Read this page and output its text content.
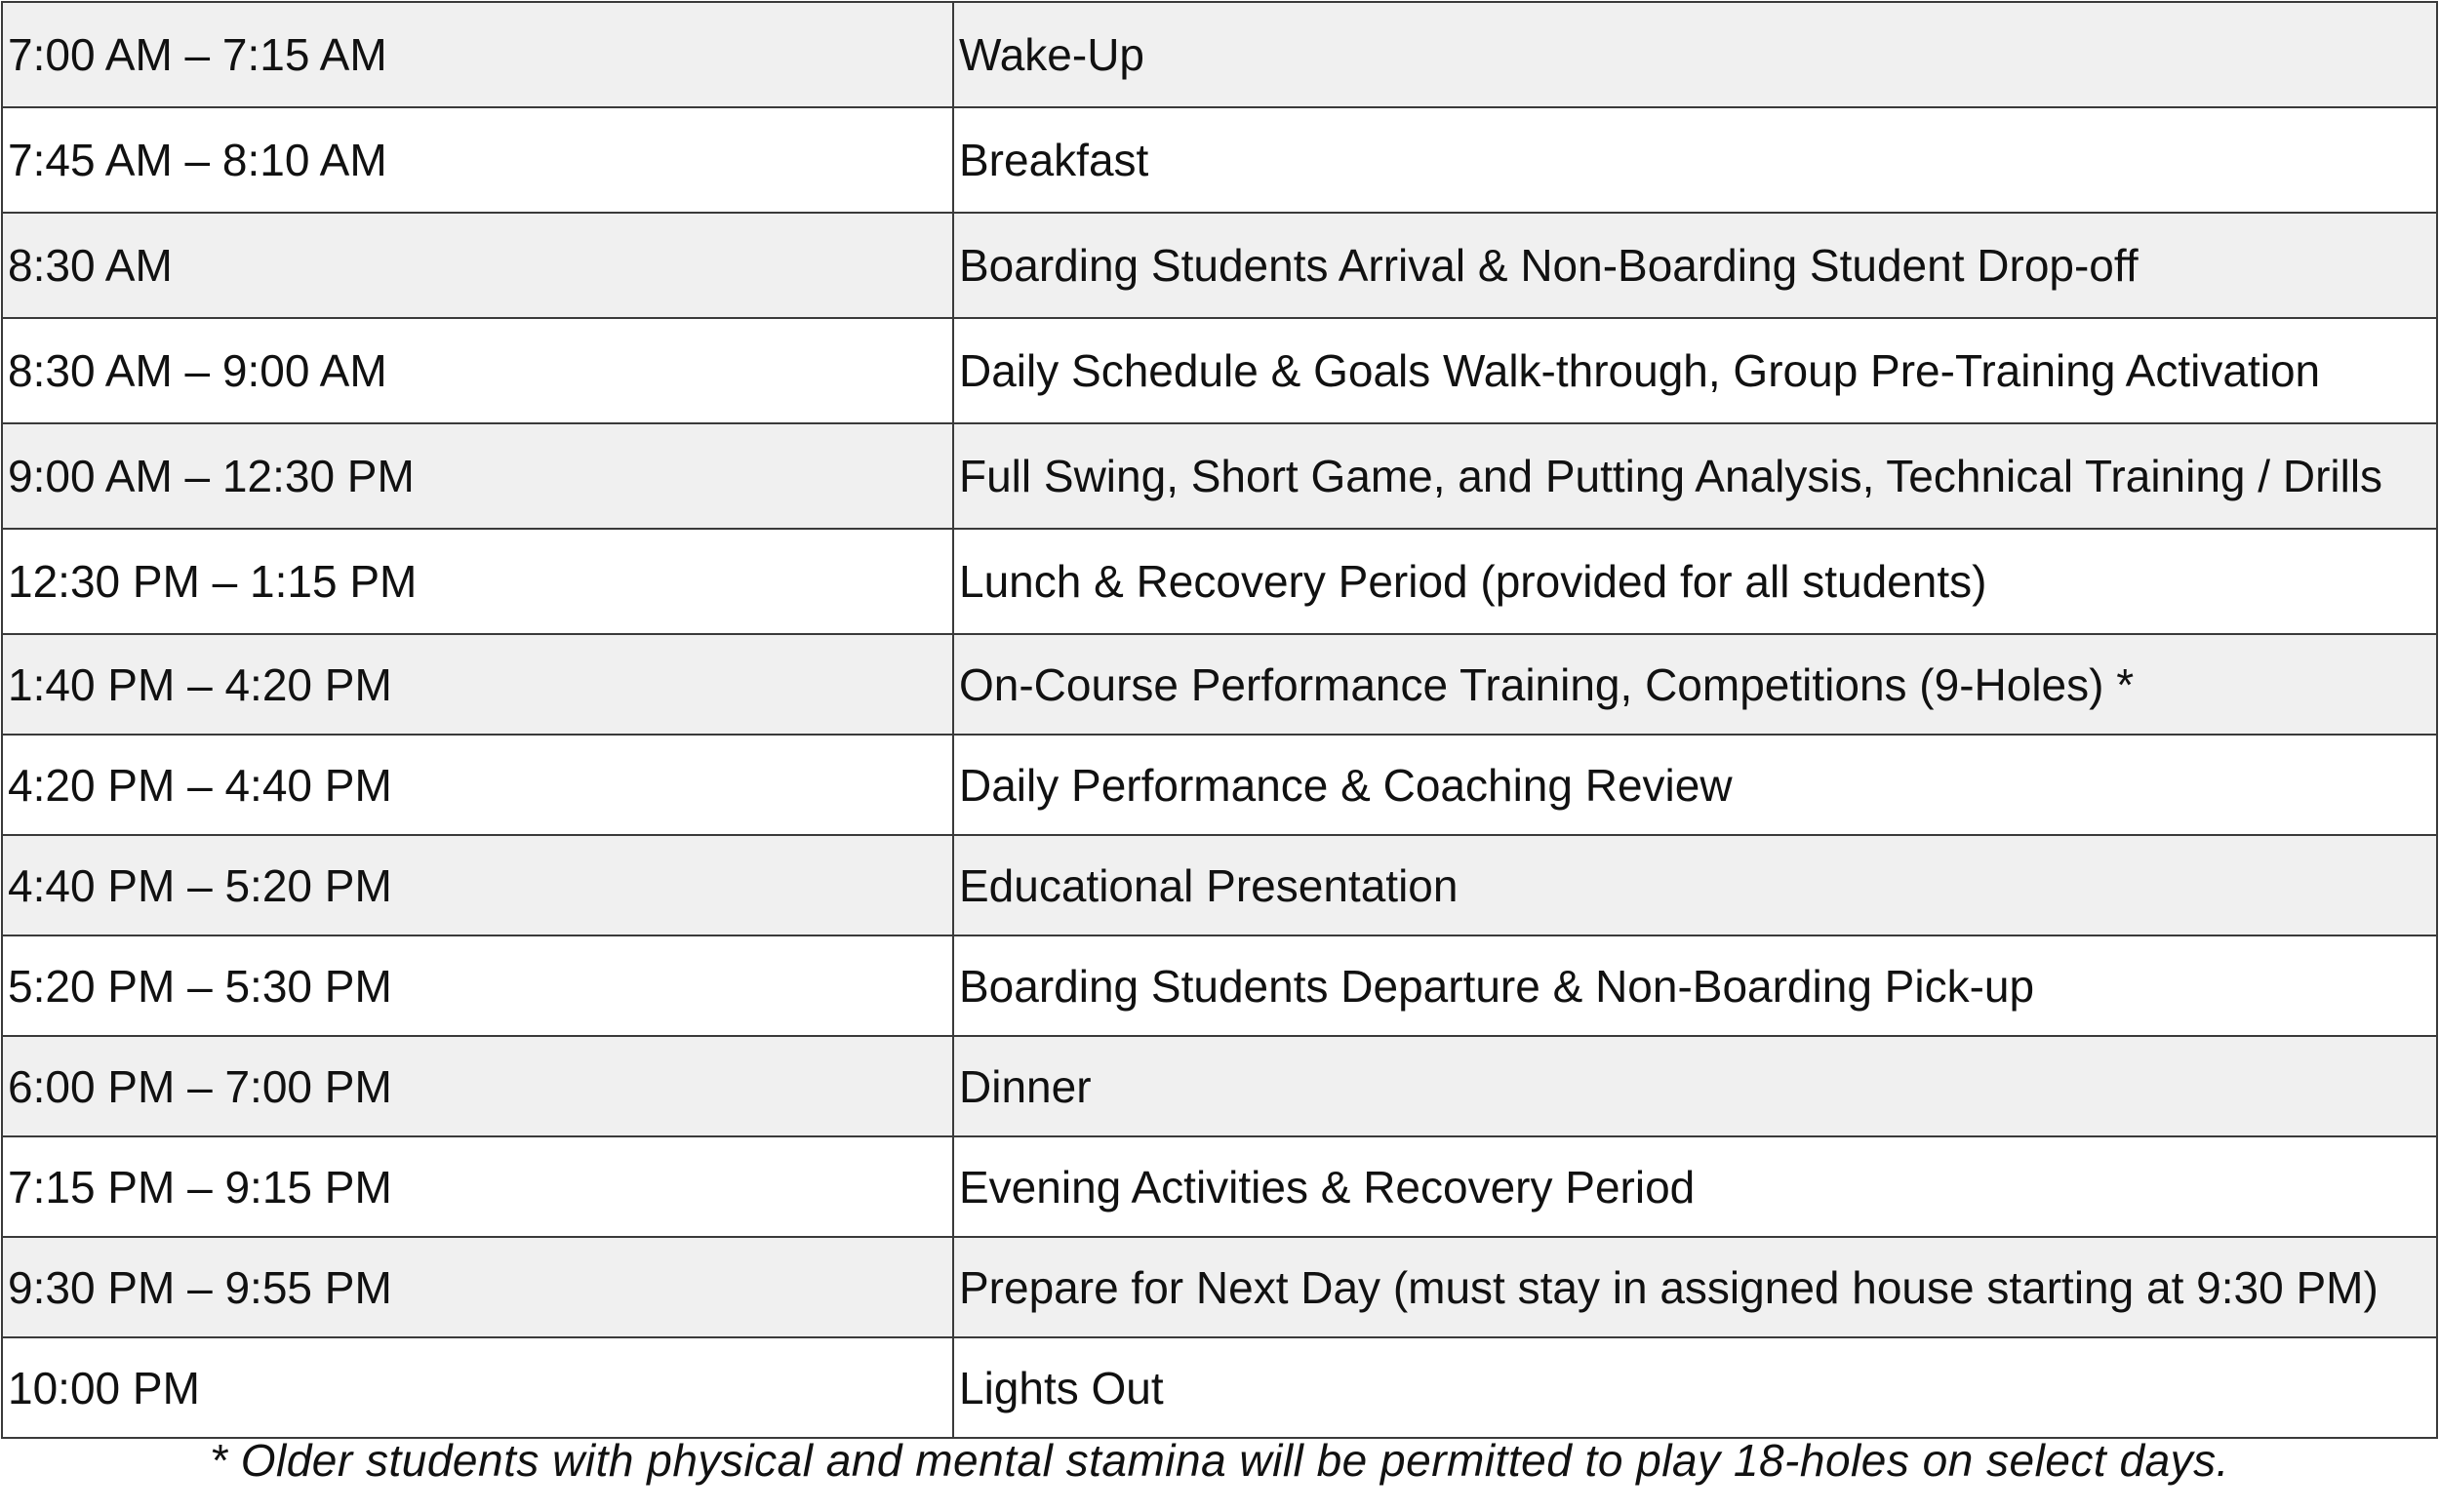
7:00 AM – 7:15 AM	Wake-Up
7:45 AM – 8:10 AM	Breakfast
8:30 AM	Boarding Students Arrival & Non-Boarding Student Drop-off
8:30 AM – 9:00 AM	Daily Schedule & Goals Walk-through, Group Pre-Training Activation
9:00 AM – 12:30 PM	Full Swing, Short Game, and Putting Analysis, Technical Training / Drills
12:30 PM – 1:15 PM	Lunch & Recovery Period (provided for all students)
1:40 PM – 4:20 PM	On-Course Performance Training, Competitions (9-Holes) *
4:20 PM – 4:40 PM	Daily Performance & Coaching Review
4:40 PM – 5:20 PM	Educational Presentation
5:20 PM – 5:30 PM	Boarding Students Departure & Non-Boarding Pick-up
6:00 PM – 7:00 PM	Dinner
7:15 PM – 9:15 PM	Evening Activities & Recovery Period
9:30 PM – 9:55 PM	Prepare for Next Day (must stay in assigned house starting at 9:30 PM)
10:00 PM	Lights Out
* Older students with physical and mental stamina will be permitted to play 18-holes on select days.
